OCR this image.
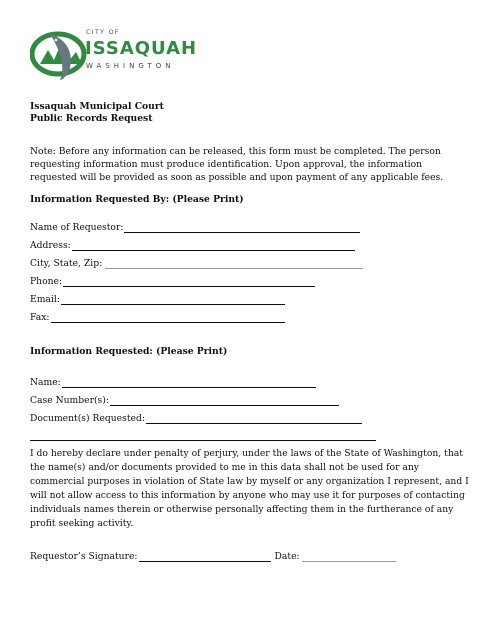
CITY OF
ISSAQUAH
WASHINGTON
Issaquah Municipal Court
Public Records Request
Note: Before any information can be released, this form must be completed. The person requesting information must produce identification. Upon approval, the information requested will be provided as soon as possible and upon payment of any applicable fees.
Information Requested By: (Please Print)
Name of Requestor:
Address:
City, State, Zip:
Phone:
Email:
Fax:
Information Requested: (Please Print)
Name:
Case Number(s):
Document(s) Requested:
I do hereby declare under penalty of perjury, under the laws of the State of Washington, that the name(s) and/or documents provided to me in this data shall not be used for any commercial purposes in violation of State law by myself or any organization I represent, and I will not allow access to this information by anyone who may use it for purposes of contacting individuals names therein or otherwise personally affecting them in the furtherance of any profit seeking activity.
Requestor’s Signature:	Date:
